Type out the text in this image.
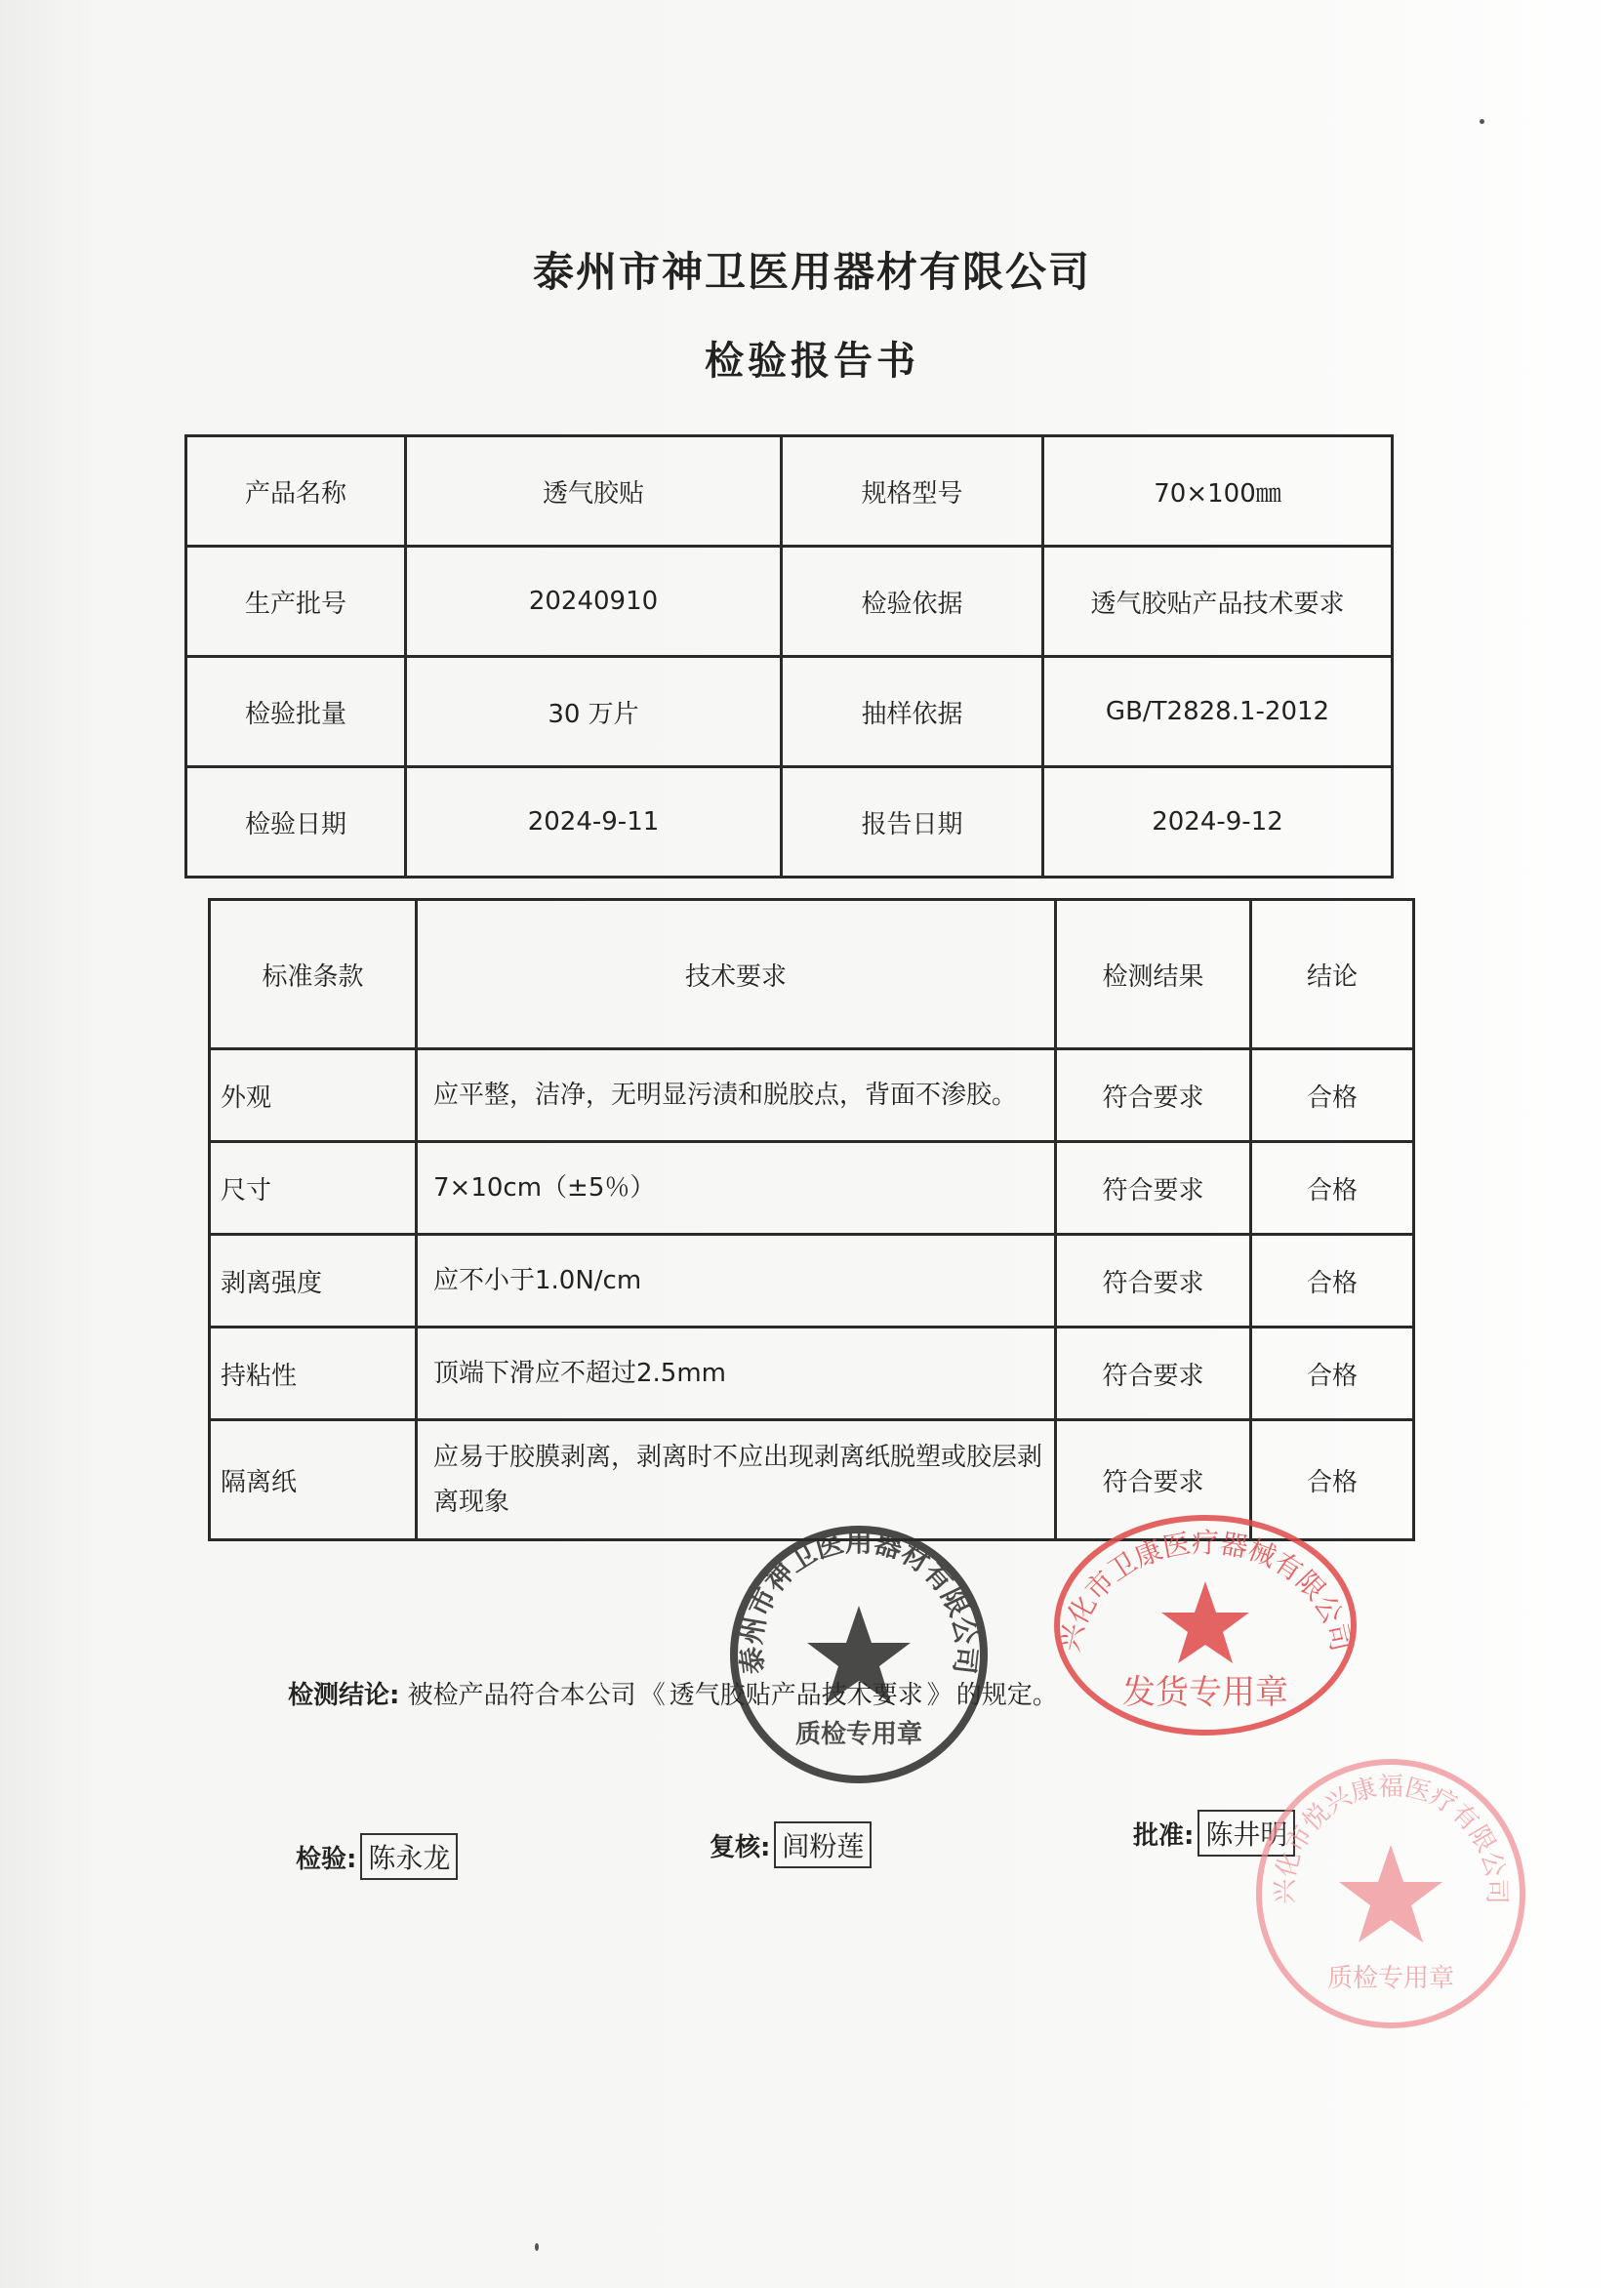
泰州市神卫医用器材有限公司
检验报告书
产品名称	透气胶贴	规格型号	70×100㎜
生产批号	20240910	检验依据	透气胶贴产品技术要求
检验批量	30 万片	抽样依据	GB/T2828.1-2012
检验日期	2024-9-11	报告日期	2024-9-12
标准条款	技术要求	检测结果	结论
外观	应平整，洁净，无明显污渍和脱胶点，背面不渗胶。	符合要求	合格
尺寸	7×10cm（±5％）	符合要求	合格
剥离强度	应不小于1.0N/cm	符合要求	合格
持粘性	顶端下滑应不超过2.5mm	符合要求	合格
隔离纸	应易于胶膜剥离，剥离时不应出现剥离纸脱塑或胶层剥离现象	符合要求	合格
检测结论: 被检产品符合本公司 《 透气胶贴产品技术要求 》 的规定。
检验: 陈永龙	复核: 闾粉莲	批准: 陈井明
泰州市神卫医用器材有限公司
质检专用章
兴化市卫康医疗器械有限公司
发货专用章
兴化市悦兴康福医疗有限公司
质检专用章
